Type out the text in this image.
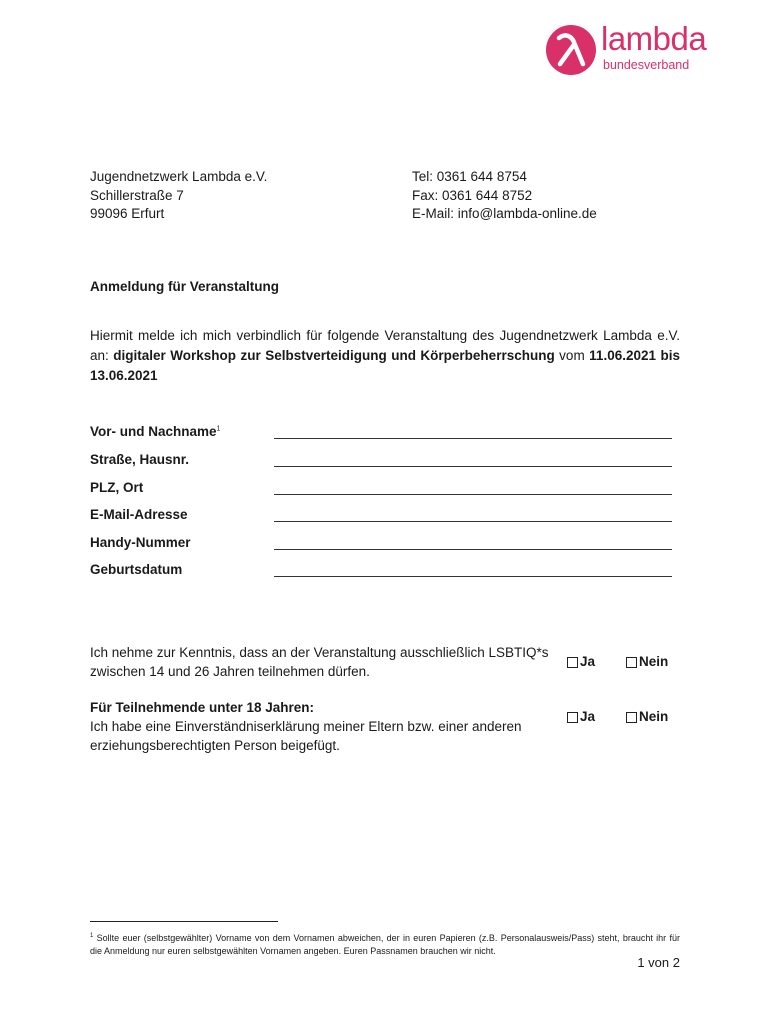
lambda
bundesverband
Jugendnetzwerk Lambda e.V.
Schillerstraße 7
99096 Erfurt
Tel: 0361 644 8754
Fax: 0361 644 8752
E-Mail: info@lambda-online.de
Anmeldung für Veranstaltung
Hiermit melde ich mich verbindlich für folgende Veranstaltung des Jugendnetzwerk Lambda e.V. an: digitaler Workshop zur Selbstverteidigung und Körperbeherrschung vom 11.06.2021 bis 13.06.2021
Vor- und Nachname$^1$
Straße, Hausnr.
PLZ, Ort
E-Mail-Adresse
Handy-Nummer
Geburtsdatum
Ich nehme zur Kenntnis, dass an der Veranstaltung ausschließlich LSBTIQ*s zwischen 14 und 26 Jahren teilnehmen dürfen.
Ja	Nein
Für Teilnehmende unter 18 Jahren:
Ich habe eine Einverständniserklärung meiner Eltern bzw. einer anderen erziehungsberechtigten Person beigefügt.
Ja	Nein
$^1$ Sollte euer (selbstgewählter) Vorname von dem Vornamen abweichen, der in euren Papieren (z.B. Personalausweis/Pass) steht, braucht ihr für die Anmeldung nur euren selbstgewählten Vornamen angeben. Euren Passnamen brauchen wir nicht.
1 von 2
